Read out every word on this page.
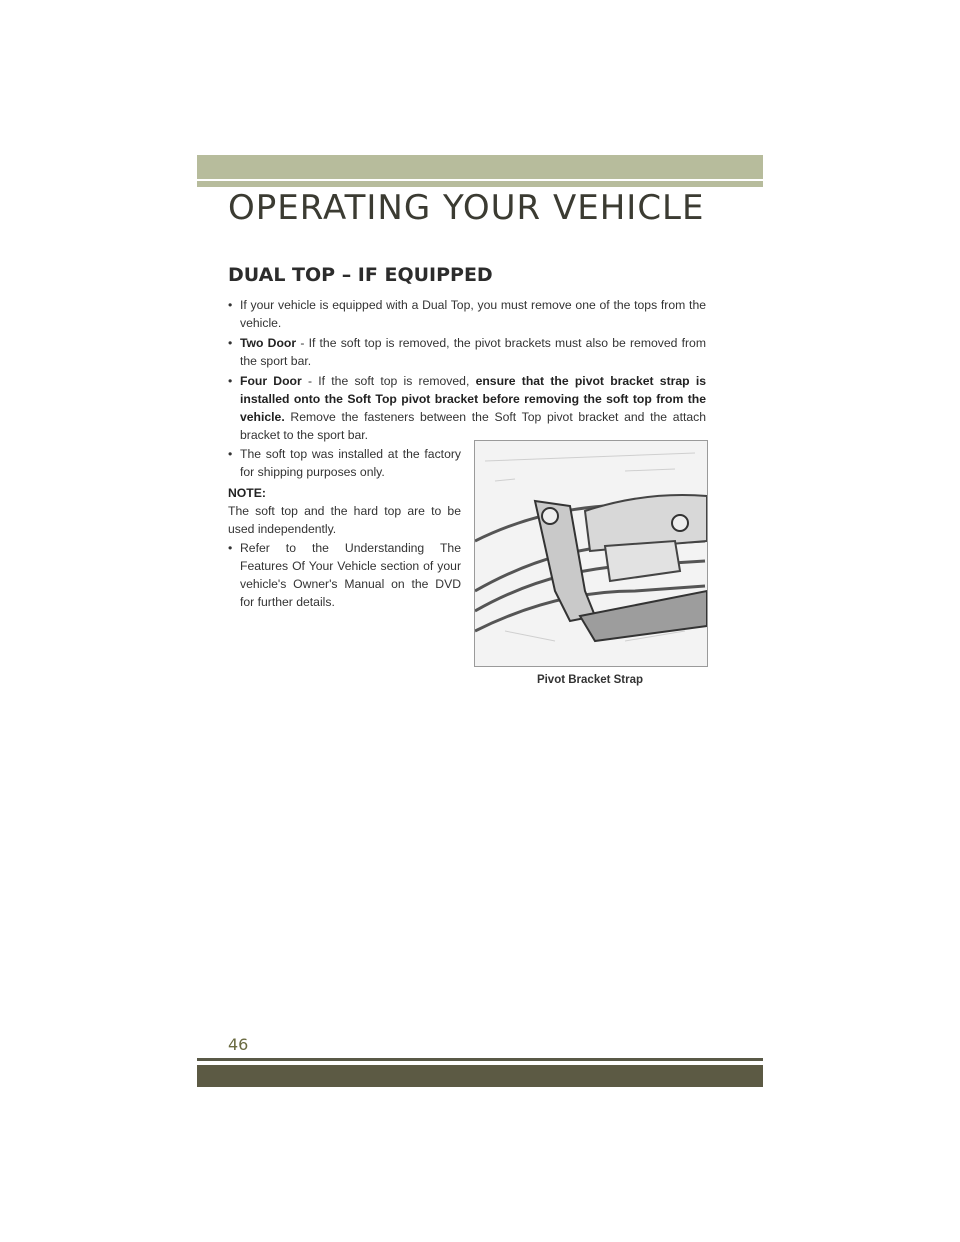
OPERATING YOUR VEHICLE
DUAL TOP – IF EQUIPPED

• If your vehicle is equipped with a Dual Top, you must remove one of the tops from the vehicle.

• Two Door - If the soft top is removed, the pivot brackets must also be removed from the sport bar.

• Four Door - If the soft top is removed, ensure that the pivot bracket strap is installed onto the Soft Top pivot bracket before removing the soft top from the vehicle. Remove the fasteners between the Soft Top pivot bracket and the attach bracket to the sport bar.

• The soft top was installed at the factory for shipping purposes only.

NOTE:
The soft top and the hard top are to be used independently.

• Refer to the Understanding The Features Of Your Vehicle section of your vehicle's Owner's Manual on the DVD for further details.

Pivot Bracket Strap
46
